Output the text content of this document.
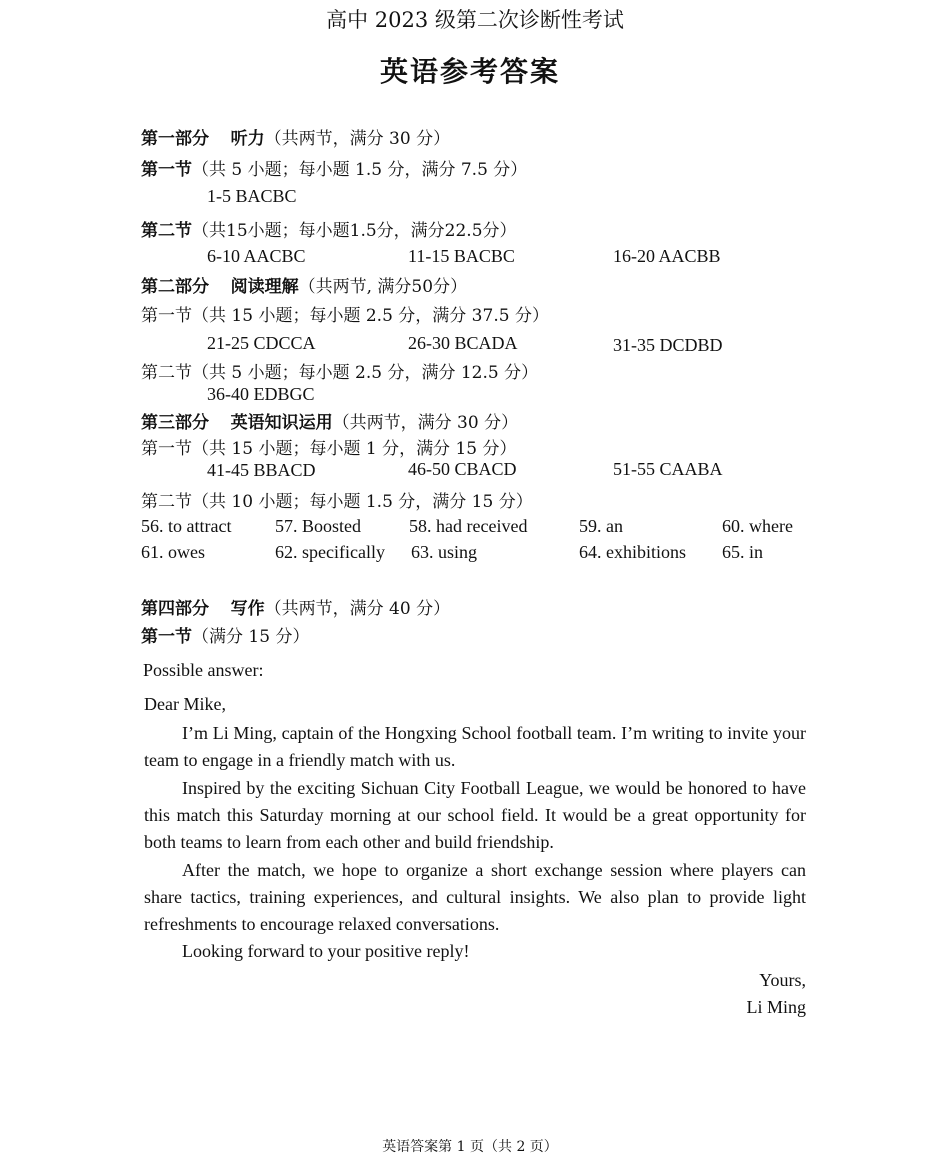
高中 2023 级第二次诊断性考试
英语参考答案
第一部分 听力（共两节，满分 30 分）
第一节（共 5 小题；每小题 1.5 分，满分 7.5 分）
1-5 BACBC
第二节（共15小题；每小题1.5分，满分22.5分）
6-10 AACBC	11-15 BACBC	16-20 AACBB
第二部分 阅读理解（共两节, 满分50分）
第一节（共 15 小题；每小题 2.5 分，满分 37.5 分）
21-25 CDCCA	26-30 BCADA	31-35 DCDBD
第二节（共 5 小题；每小题 2.5 分，满分 12.5 分）
36-40 EDBGC
第三部分 英语知识运用（共两节，满分 30 分）
第一节（共 15 小题；每小题 1 分，满分 15 分）
41-45 BBACD	46-50 CBACD	51-55 CAABA
第二节（共 10 小题；每小题 1.5 分，满分 15 分）
56. to attract 57. Boosted	58. had received	59. an	60. where
61. owes	62. specifically 63. using	64. exhibitions 65. in
第四部分 写作（共两节，满分 40 分）
第一节（满分 15 分）
Possible answer:
Dear Mike,
I’m Li Ming, captain of the Hongxing School football team. I’m writing to invite your team to engage in a friendly match with us.
Inspired by the exciting Sichuan City Football League, we would be honored to have this match this Saturday morning at our school field. It would be a great opportunity for both teams to learn from each other and build friendship.
After the match, we hope to organize a short exchange session where players can share tactics, training experiences, and cultural insights. We also plan to provide light refreshments to encourage relaxed conversations.
Looking forward to your positive reply!
Yours,
Li Ming
英语答案第 1 页（共 2 页）
